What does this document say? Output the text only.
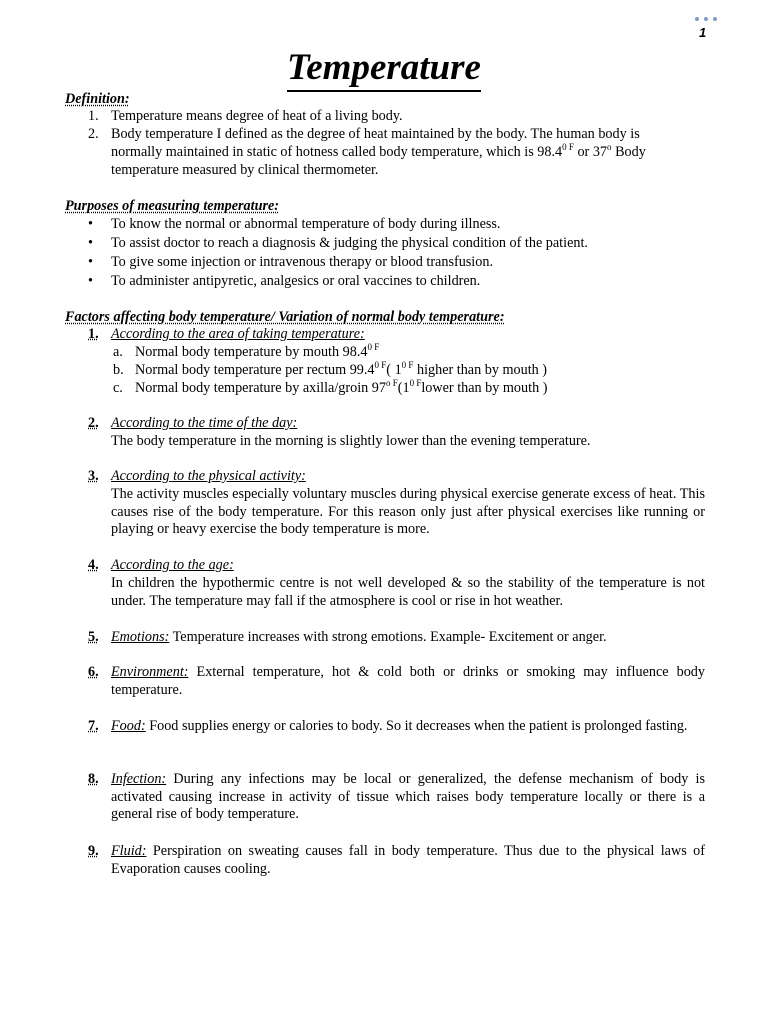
1
Temperature
Definition:
1. Temperature means degree of heat of a living body.
2. Body temperature I defined as the degree of heat maintained by the body. The human body is
normally maintained in static of hotness called body temperature, which is $98.4^{0 F}$ or 37$^o$ Body
temperature measured by clinical thermometer.
Purposes of measuring temperature:
• To know the normal or abnormal temperature of body during illness.
• To assist doctor to reach a diagnosis & judging the physical condition of the patient.
• To give some injection or intravenous therapy or blood transfusion.
• To administer antipyretic, analgesics or oral vaccines to children.
Factors affecting body temperature/ Variation of normal body temperature:
1. According to the area of taking temperature:
a. Normal body temperature by mouth $98.4^{0 F}$
b. Normal body temperature per rectum $99.4^{0 F}$( $1^{0 F}$ higher than by mouth )
c. Normal body temperature by axilla/groin $97^{o F}(1^{0 F}lower$ than by mouth )
2. According to the time of the day:
The body temperature in the morning is slightly lower than the evening temperature.
3. According to the physical activity:
The activity muscles especially voluntary muscles during physical exercise generate excess of heat. This causes rise of the body temperature. For this reason only just after physical exercises like running or playing or heavy exercise the body temperature is more.
4. According to the age:
In children the hypothermic centre is not well developed & so the stability of the temperature is not under. The temperature may fall if the atmosphere is cool or rise in hot weather.
5. Emotions: Temperature increases with strong emotions. Example- Excitement or anger.
6. Environment: External temperature, hot & cold both or drinks or smoking may influence body temperature.
7. Food: Food supplies energy or calories to body. So it decreases when the patient is prolonged fasting.
8. Infection: During any infections may be local or generalized, the defense mechanism of body is activated causing increase in activity of tissue which raises body temperature locally or there is a general rise of body temperature.
9. Fluid: Perspiration on sweating causes fall in body temperature. Thus due to the physical laws of Evaporation causes cooling.
